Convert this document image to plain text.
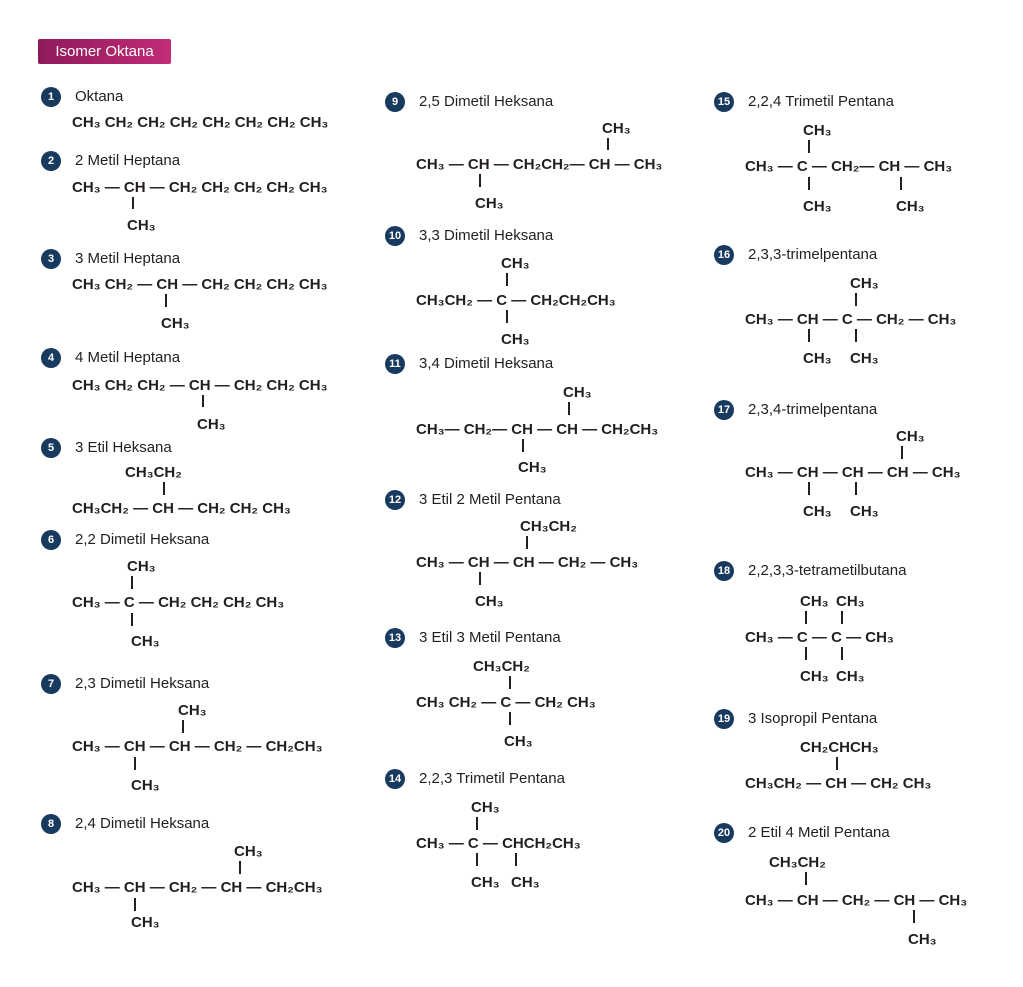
Isomer Oktana
1	Oktana
CH₃ CH₂ CH₂ CH₂ CH₂ CH₂ CH₂ CH₃
2	2 Metil Heptana
CH₃ — CH — CH₂ CH₂ CH₂ CH₂ CH₃
CH₃
3	3 Metil Heptana
CH₃ CH₂ — CH — CH₂ CH₂ CH₂ CH₃
CH₃
4	4 Metil Heptana
CH₃ CH₂ CH₂ — CH — CH₂ CH₂ CH₃
CH₃
5	3 Etil Heksana
CH₃CH₂
CH₃CH₂ — CH — CH₂ CH₂ CH₃
6	2,2 Dimetil Heksana
CH₃
CH₃ — C — CH₂ CH₂ CH₂ CH₃
CH₃
7	2,3 Dimetil Heksana
CH₃
CH₃ — CH — CH — CH₂ — CH₂CH₃
CH₃
8	2,4 Dimetil Heksana
CH₃
CH₃ — CH — CH₂ — CH — CH₂CH₃
CH₃
9	2,5 Dimetil Heksana
CH₃
CH₃ — CH — CH₂CH₂— CH — CH₃
CH₃
10 3,3 Dimetil Heksana
CH₃
CH₃CH₂ — C — CH₂CH₂CH₃
CH₃
11 3,4 Dimetil Heksana
CH₃
CH₃— CH₂— CH — CH — CH₂CH₃
CH₃
12 3 Etil 2 Metil Pentana
CH₃CH₂
CH₃ — CH — CH — CH₂ — CH₃
CH₃
13 3 Etil 3 Metil Pentana
CH₃CH₂
CH₃ CH₂ — C — CH₂ CH₃
CH₃
14 2,2,3 Trimetil Pentana
CH₃
CH₃ — C — CHCH₂CH₃
CH₃ CH₃
15 2,2,4 Trimetil Pentana
CH₃
CH₃ — C — CH₂— CH — CH₃
CH₃	CH₃
16 2,3,3-trimelpentana
CH₃
CH₃ — CH — C — CH₂ — CH₃
CH₃ CH₃
17 2,3,4-trimelpentana
CH₃
CH₃ — CH — CH — CH — CH₃
CH₃ CH₃
18 2,2,3,3-tetrametilbutana
CH₃ CH₃
CH₃ — C — C — CH₃
CH₃ CH₃
19 3 Isopropil Pentana
CH₂CHCH₃
CH₃CH₂ — CH — CH₂ CH₃
20 2 Etil 4 Metil Pentana
CH₃CH₂
CH₃ — CH — CH₂ — CH — CH₃
CH₃
